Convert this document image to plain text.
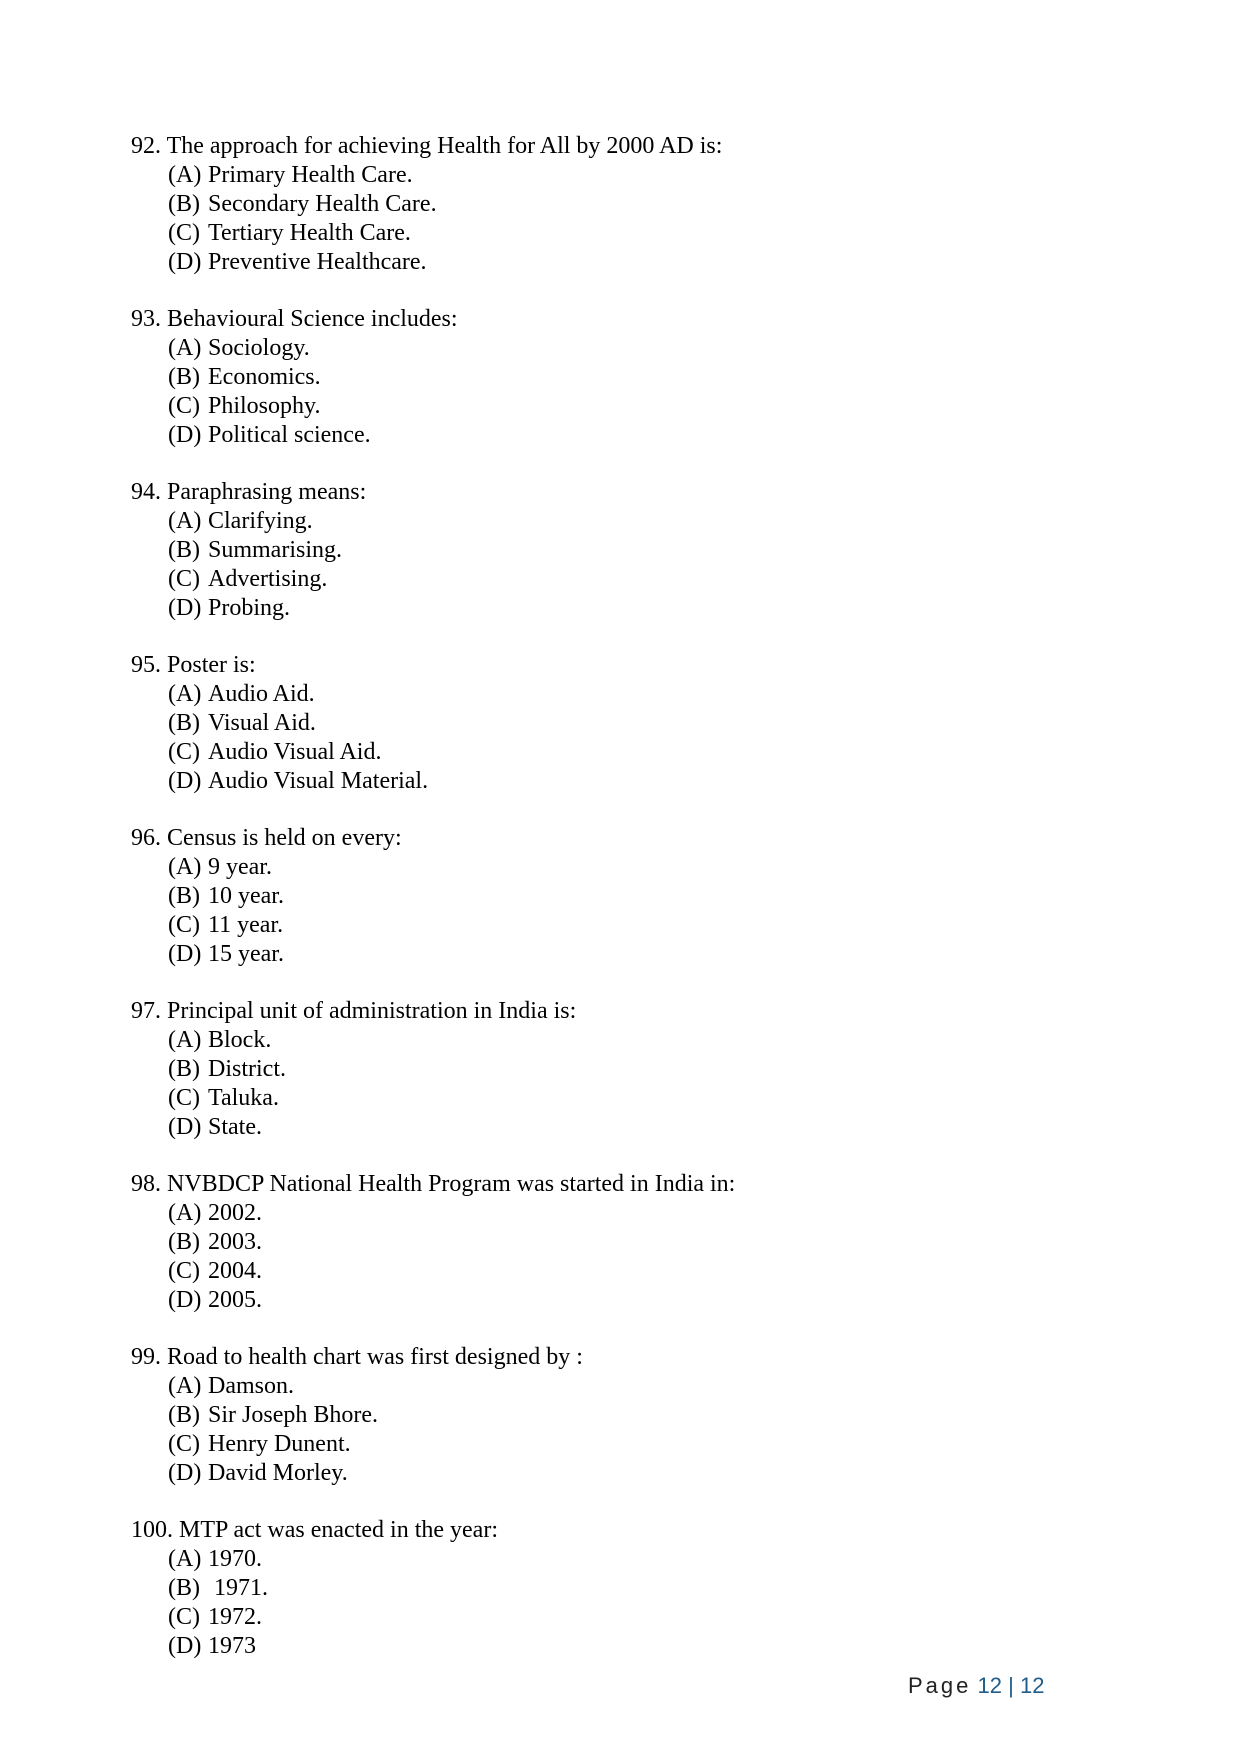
92. The approach for achieving Health for All by 2000 AD is:
(A) Primary Health Care.
(B) Secondary Health Care.
(C) Tertiary Health Care.
(D) Preventive Healthcare.
93. Behavioural Science includes:
(A) Sociology.
(B) Economics.
(C) Philosophy.
(D) Political science.
94. Paraphrasing means:
(A) Clarifying.
(B) Summarising.
(C) Advertising.
(D) Probing.
95. Poster is:
(A) Audio Aid.
(B) Visual Aid.
(C) Audio Visual Aid.
(D) Audio Visual Material.
96. Census is held on every:
(A) 9 year.
(B) 10 year.
(C) 11 year.
(D) 15 year.
97. Principal unit of administration in India is:
(A) Block.
(B) District.
(C) Taluka.
(D) State.
98. NVBDCP National Health Program was started in India in:
(A) 2002.
(B) 2003.
(C) 2004.
(D) 2005.
99. Road to health chart was first designed by :
(A) Damson.
(B) Sir Joseph Bhore.
(C) Henry Dunent.
(D) David Morley.
100. MTP act was enacted in the year:
(A) 1970.
(B) 1971.
(C) 1972.
(D) 1973
Page 12 | 12
